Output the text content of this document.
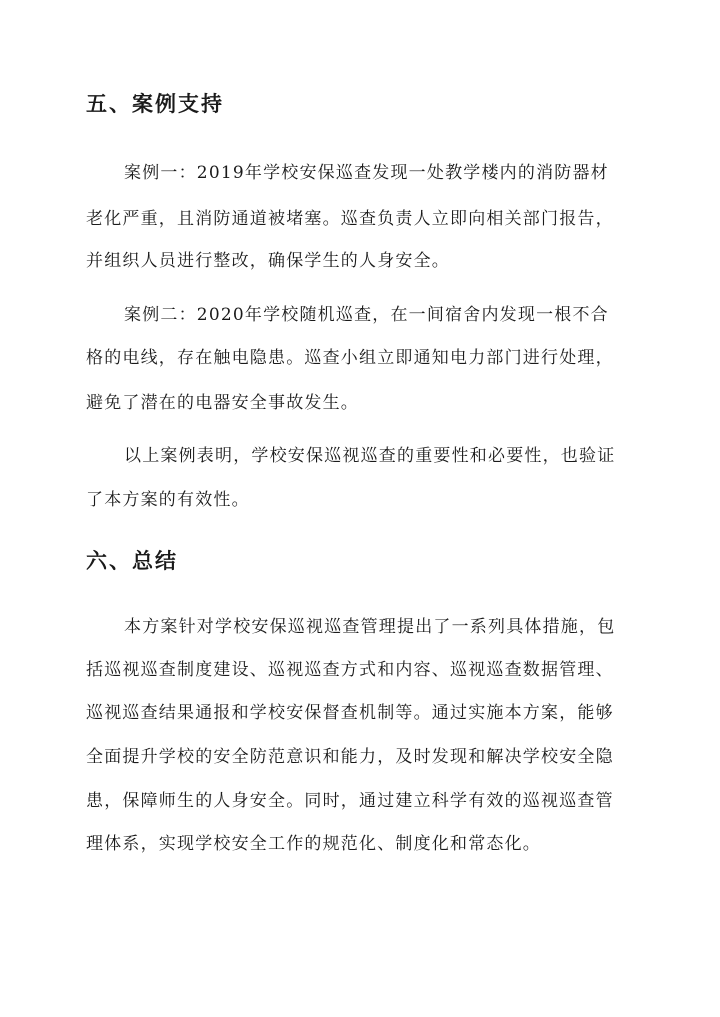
五、案例支持

案例一：2019年学校安保巡查发现一处教学楼内的消防器材

老化严重，且消防通道被堵塞。巡查负责人立即向相关部门报告，

并组织人员进行整改，确保学生的人身安全。

案例二：2020年学校随机巡查，在一间宿舍内发现一根不合

格的电线，存在触电隐患。巡查小组立即通知电力部门进行处理，

避免了潜在的电器安全事故发生。

以上案例表明，学校安保巡视巡查的重要性和必要性，也验证

了本方案的有效性。

六、总结

本方案针对学校安保巡视巡查管理提出了一系列具体措施，包

括巡视巡查制度建设、巡视巡查方式和内容、巡视巡查数据管理、

巡视巡查结果通报和学校安保督查机制等。通过实施本方案，能够

全面提升学校的安全防范意识和能力，及时发现和解决学校安全隐

患，保障师生的人身安全。同时，通过建立科学有效的巡视巡查管

理体系，实现学校安全工作的规范化、制度化和常态化。
